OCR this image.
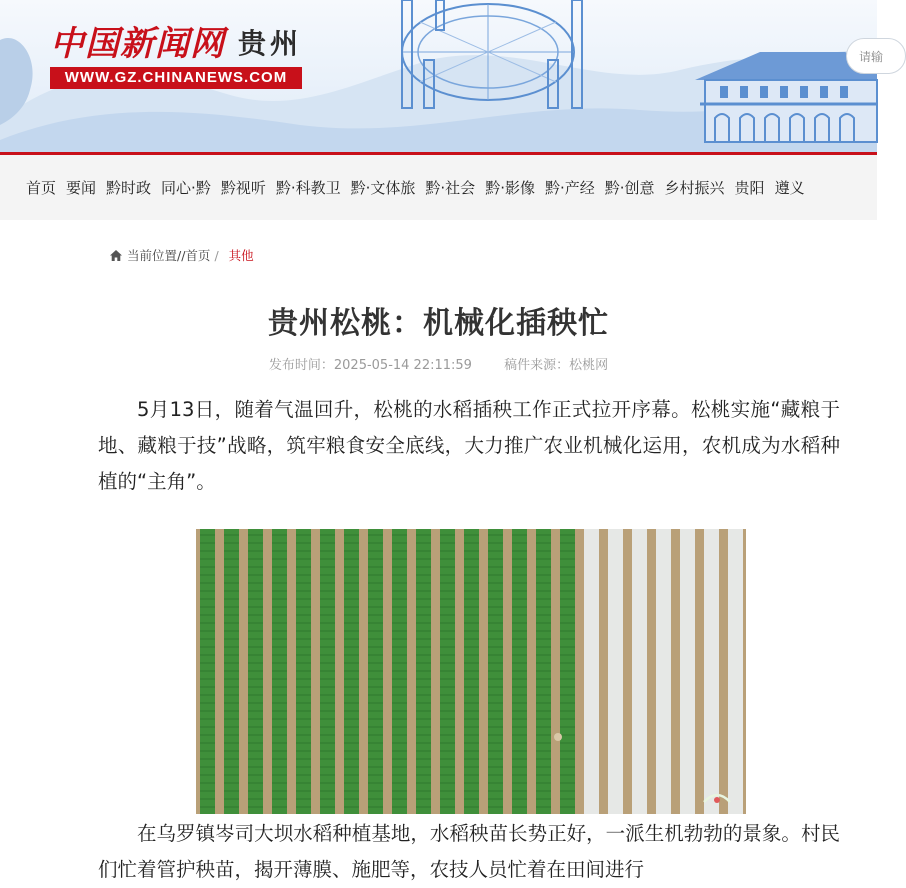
中国新闻网 贵州
WWW.GZ.CHINANEWS.COM
请输
首页 要闻 黔时政 同心·黔 黔视听 黔·科教卫 黔·文体旅 黔·社会 黔·影像 黔·产经 黔·创意 乡村振兴 贵阳 遵义
当前位置//首页 / 其他
贵州松桃：机械化插秧忙
发布时间：2025-05-14 22:11:59 稿件来源：松桃网

5月13日，随着气温回升，松桃的水稻插秧工作正式拉开序幕。松桃实施“藏粮于地、藏粮于技”战略，筑牢粮食安全底线，大力推广农业机械化运用，农机成为水稻种植的“主角”。

在乌罗镇岑司大坝水稻种植基地，水稻秧苗长势正好，一派生机勃勃的景象。村民们忙着管护秧苗，揭开薄膜、施肥等，农技人员忙着在田间进行
